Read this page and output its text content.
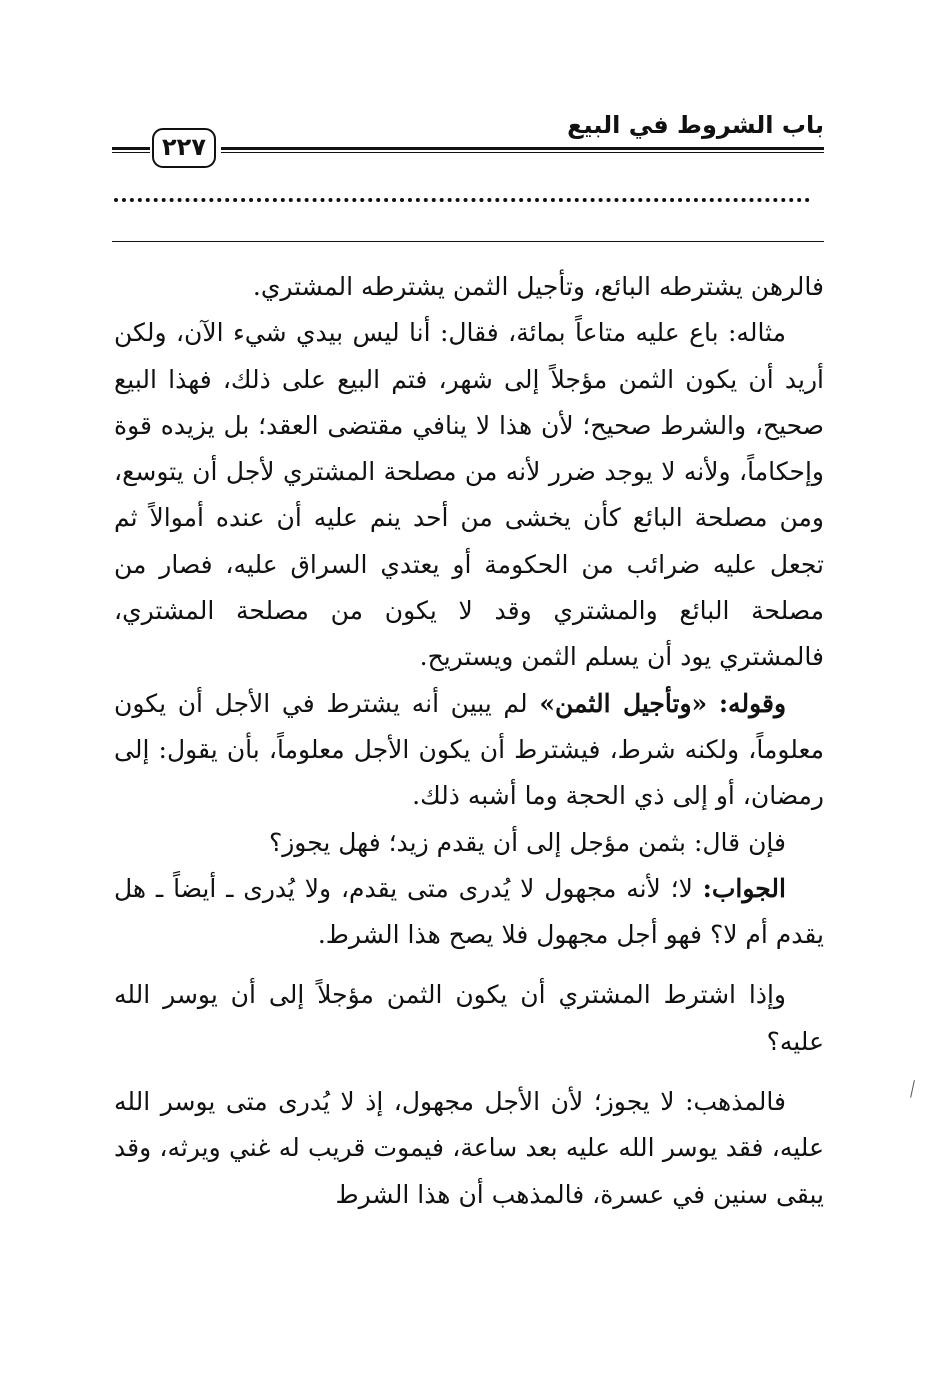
باب الشروط في البيع
٢٢٧

فالرهن يشترطه البائع، وتأجيل الثمن يشترطه المشتري.

مثاله: باع عليه متاعاً بمائة، فقال: أنا ليس بيدي شيء الآن، ولكن أريد أن يكون الثمن مؤجلاً إلى شهر، فتم البيع على ذلك، فهذا البيع صحيح، والشرط صحيح؛ لأن هذا لا ينافي مقتضى العقد؛ بل يزيده قوة وإحكاماً، ولأنه لا يوجد ضرر لأنه من مصلحة المشتري لأجل أن يتوسع، ومن مصلحة البائع كأن يخشى من أحد ينم عليه أن عنده أموالاً ثم تجعل عليه ضرائب من الحكومة أو يعتدي السراق عليه، فصار من مصلحة البائع والمشتري وقد لا يكون من مصلحة المشتري، فالمشتري يود أن يسلم الثمن ويستريح.

وقوله: «وتأجيل الثمن» لم يبين أنه يشترط في الأجل أن يكون معلوماً، ولكنه شرط، فيشترط أن يكون الأجل معلوماً، بأن يقول: إلى رمضان، أو إلى ذي الحجة وما أشبه ذلك.

فإن قال: بثمن مؤجل إلى أن يقدم زيد؛ فهل يجوز؟

الجواب: لا؛ لأنه مجهول لا يُدرى متى يقدم، ولا يُدرى ـ أيضاً ـ هل يقدم أم لا؟ فهو أجل مجهول فلا يصح هذا الشرط.

وإذا اشترط المشتري أن يكون الثمن مؤجلاً إلى أن يوسر الله عليه؟

فالمذهب: لا يجوز؛ لأن الأجل مجهول، إذ لا يُدرى متى يوسر الله عليه، فقد يوسر الله عليه بعد ساعة، فيموت قريب له غني ويرثه، وقد يبقى سنين في عسرة، فالمذهب أن هذا الشرط
